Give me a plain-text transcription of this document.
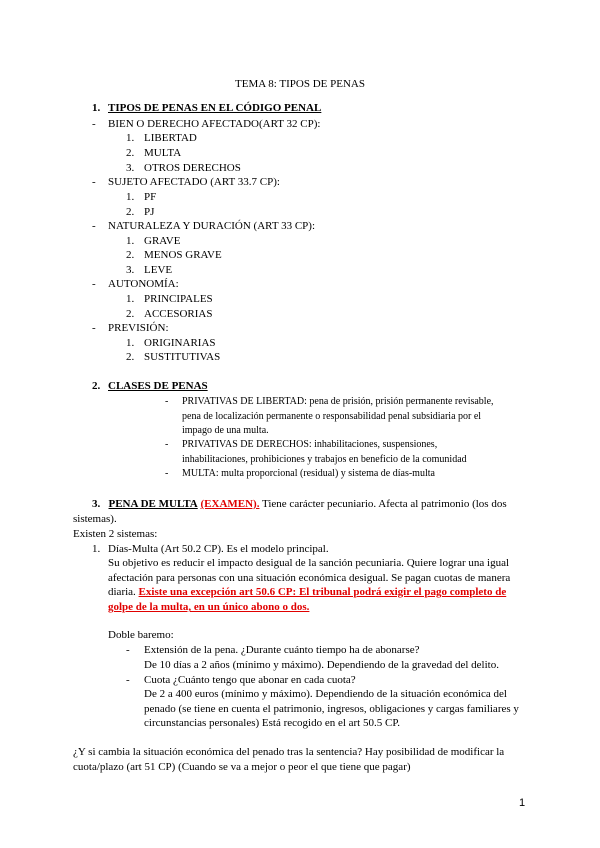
TEMA 8: TIPOS DE PENAS
1. TIPOS DE PENAS EN EL CÓDIGO PENAL
- BIEN O DERECHO AFECTADO(ART 32 CP):
1. LIBERTAD
2. MULTA
3. OTROS DERECHOS
- SUJETO AFECTADO (ART 33.7 CP):
1. PF
2. PJ
- NATURALEZA Y DURACIÓN (ART 33 CP):
1. GRAVE
2. MENOS GRAVE
3. LEVE
- AUTONOMÍA:
1. PRINCIPALES
2. ACCESORIAS
- PREVISIÓN:
1. ORIGINARIAS
2. SUSTITUTIVAS
2. CLASES DE PENAS
- PRIVATIVAS DE LIBERTAD: pena de prisión, prisión permanente revisable,
pena de localización permanente o responsabilidad penal subsidiaria por el
impago de una multa.
- PRIVATIVAS DE DERECHOS: inhabilitaciones, suspensiones,
inhabilitaciones, prohibiciones y trabajos en beneficio de la comunidad
- MULTA: multa proporcional (residual) y sistema de días-multa
3. PENA DE MULTA (EXAMEN). Tiene carácter pecuniario. Afecta al patrimonio (los dos
sistemas).
Existen 2 sistemas:
1. Días-Multa (Art 50.2 CP). Es el modelo principal.
Su objetivo es reducir el impacto desigual de la sanción pecuniaria. Quiere lograr una igual
afectación para personas con una situación económica desigual. Se pagan cuotas de manera
diaria. Existe una excepción art 50.6 CP: El tribunal podrá exigir el pago completo de
golpe de la multa, en un único abono o dos.
Doble baremo:
- Extensión de la pena. ¿Durante cuánto tiempo ha de abonarse?
De 10 días a 2 años (mínimo y máximo). Dependiendo de la gravedad del delito.
- Cuota ¿Cuánto tengo que abonar en cada cuota?
De 2 a 400 euros (mínimo y máximo). Dependiendo de la situación económica del
penado (se tiene en cuenta el patrimonio, ingresos, obligaciones y cargas familiares y
circunstancias personales) Está recogido en el art 50.5 CP.
¿Y si cambia la situación económica del penado tras la sentencia? Hay posibilidad de modificar la
cuota/plazo (art 51 CP) (Cuando se va a mejor o peor el que tiene que pagar)
1
